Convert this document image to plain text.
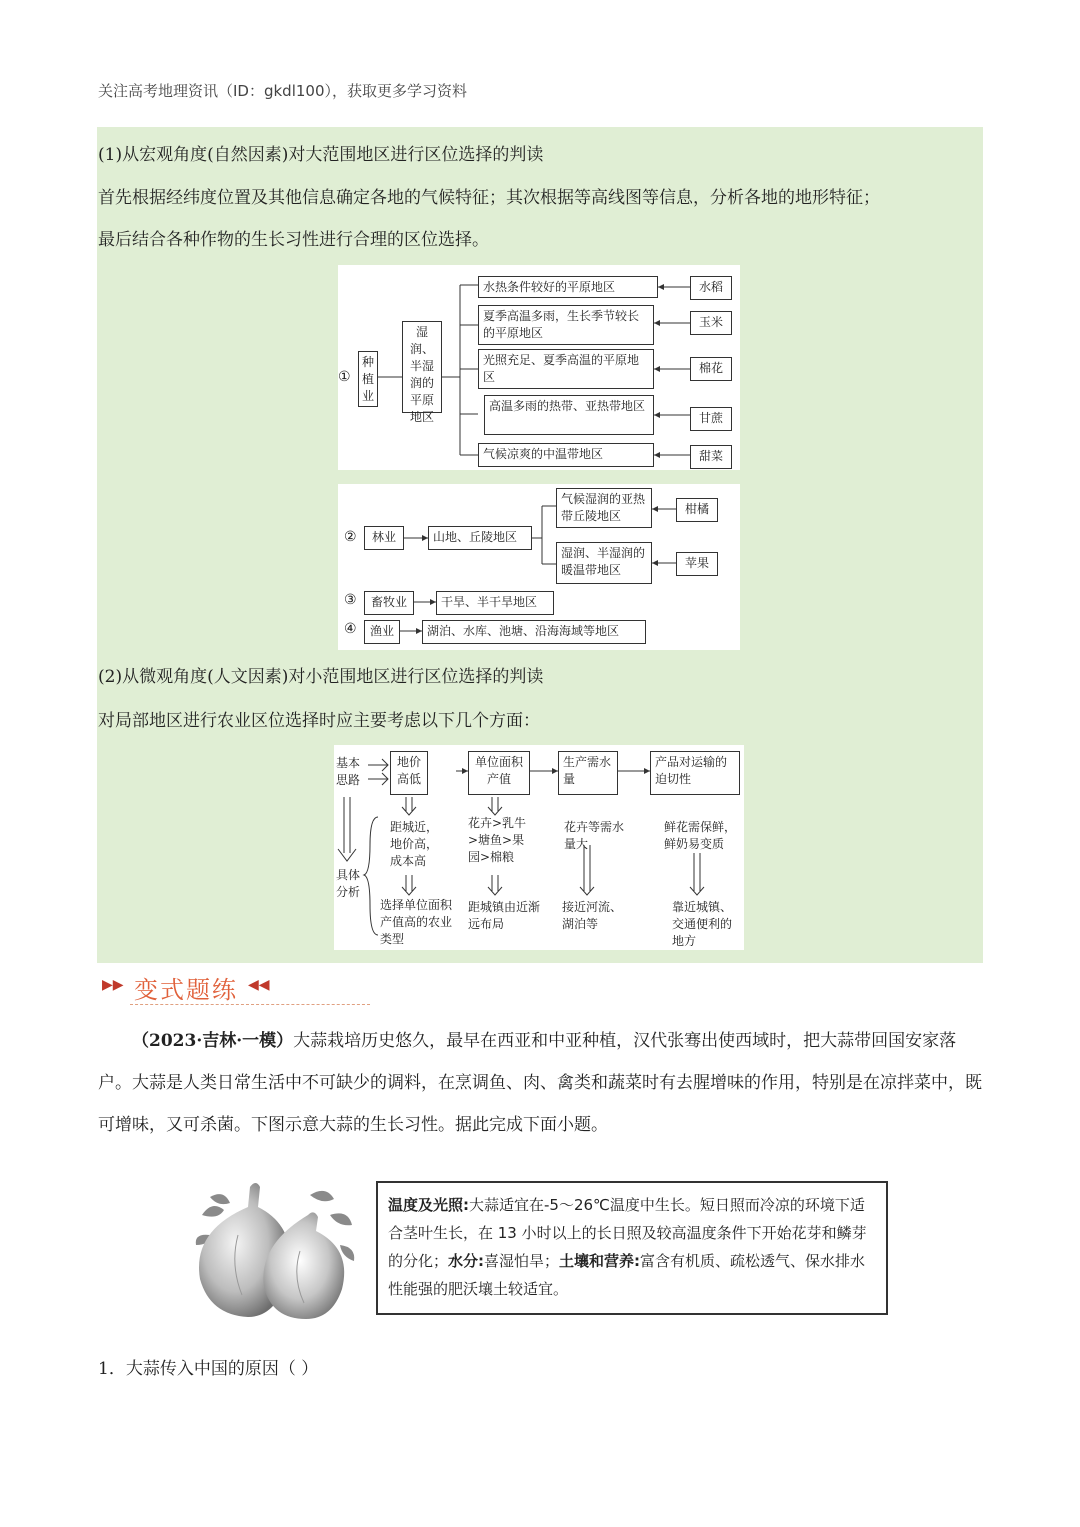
关注高考地理资讯（ID：gkdl100），获取更多学习资料
(1)从宏观角度(自然因素)对大范围地区进行区位选择的判读
首先根据经纬度位置及其他信息确定各地的气候特征；其次根据等高线图等信息，分析各地的地形特征；
最后结合各种作物的生长习性进行合理的区位选择。
①
种植业
湿润、半湿润的平原地区
水热条件较好的平原地区
夏季高温多雨，生长季节较长的平原地区
光照充足、夏季高温的平原地区
高温多雨的热带、亚热带地区
气候凉爽的中温带地区
水稻
玉米
棉花
甘蔗
甜菜
②	林业	山地、丘陵地区
气候湿润的亚热带丘陵地区
湿润、半湿润的暖温带地区
柑橘
苹果
③	畜牧业	干旱、半干旱地区
④	渔业	湖泊、水库、池塘、沿海海域等地区
(2)从微观角度(人文因素)对小范围地区进行区位选择的判读
对局部地区进行农业区位选择时应主要考虑以下几个方面：
基本思路
具体分析
地价高低
单位面积产值
生产需水量
产品对运输的迫切性
距城近，地价高，成本高
花卉>乳牛>塘鱼>果园>棉粮
花卉等需水量大
鲜花需保鲜，鲜奶易变质
选择单位面积产值高的农业类型
距城镇由近渐远布局
接近河流、湖泊等
靠近城镇、交通便利的地方
▶▶ 变式题练 ◀◀
（2023·吉林·一模）大蒜栽培历史悠久，最早在西亚和中亚种植，汉代张骞出使西域时，把大蒜带回国安家落户。大蒜是人类日常生活中不可缺少的调料，在烹调鱼、肉、禽类和蔬菜时有去腥增味的作用，特别是在凉拌菜中，既可增味，又可杀菌。下图示意大蒜的生长习性。据此完成下面小题。
温度及光照:大蒜适宜在-5～26℃温度中生长。短日照而冷凉的环境下适合茎叶生长，在 13 小时以上的长日照及较高温度条件下开始花芽和鳞芽的分化；水分:喜湿怕旱；土壤和营养:富含有机质、疏松透气、保水排水性能强的肥沃壤土较适宜。
1．大蒜传入中国的原因（ ）
